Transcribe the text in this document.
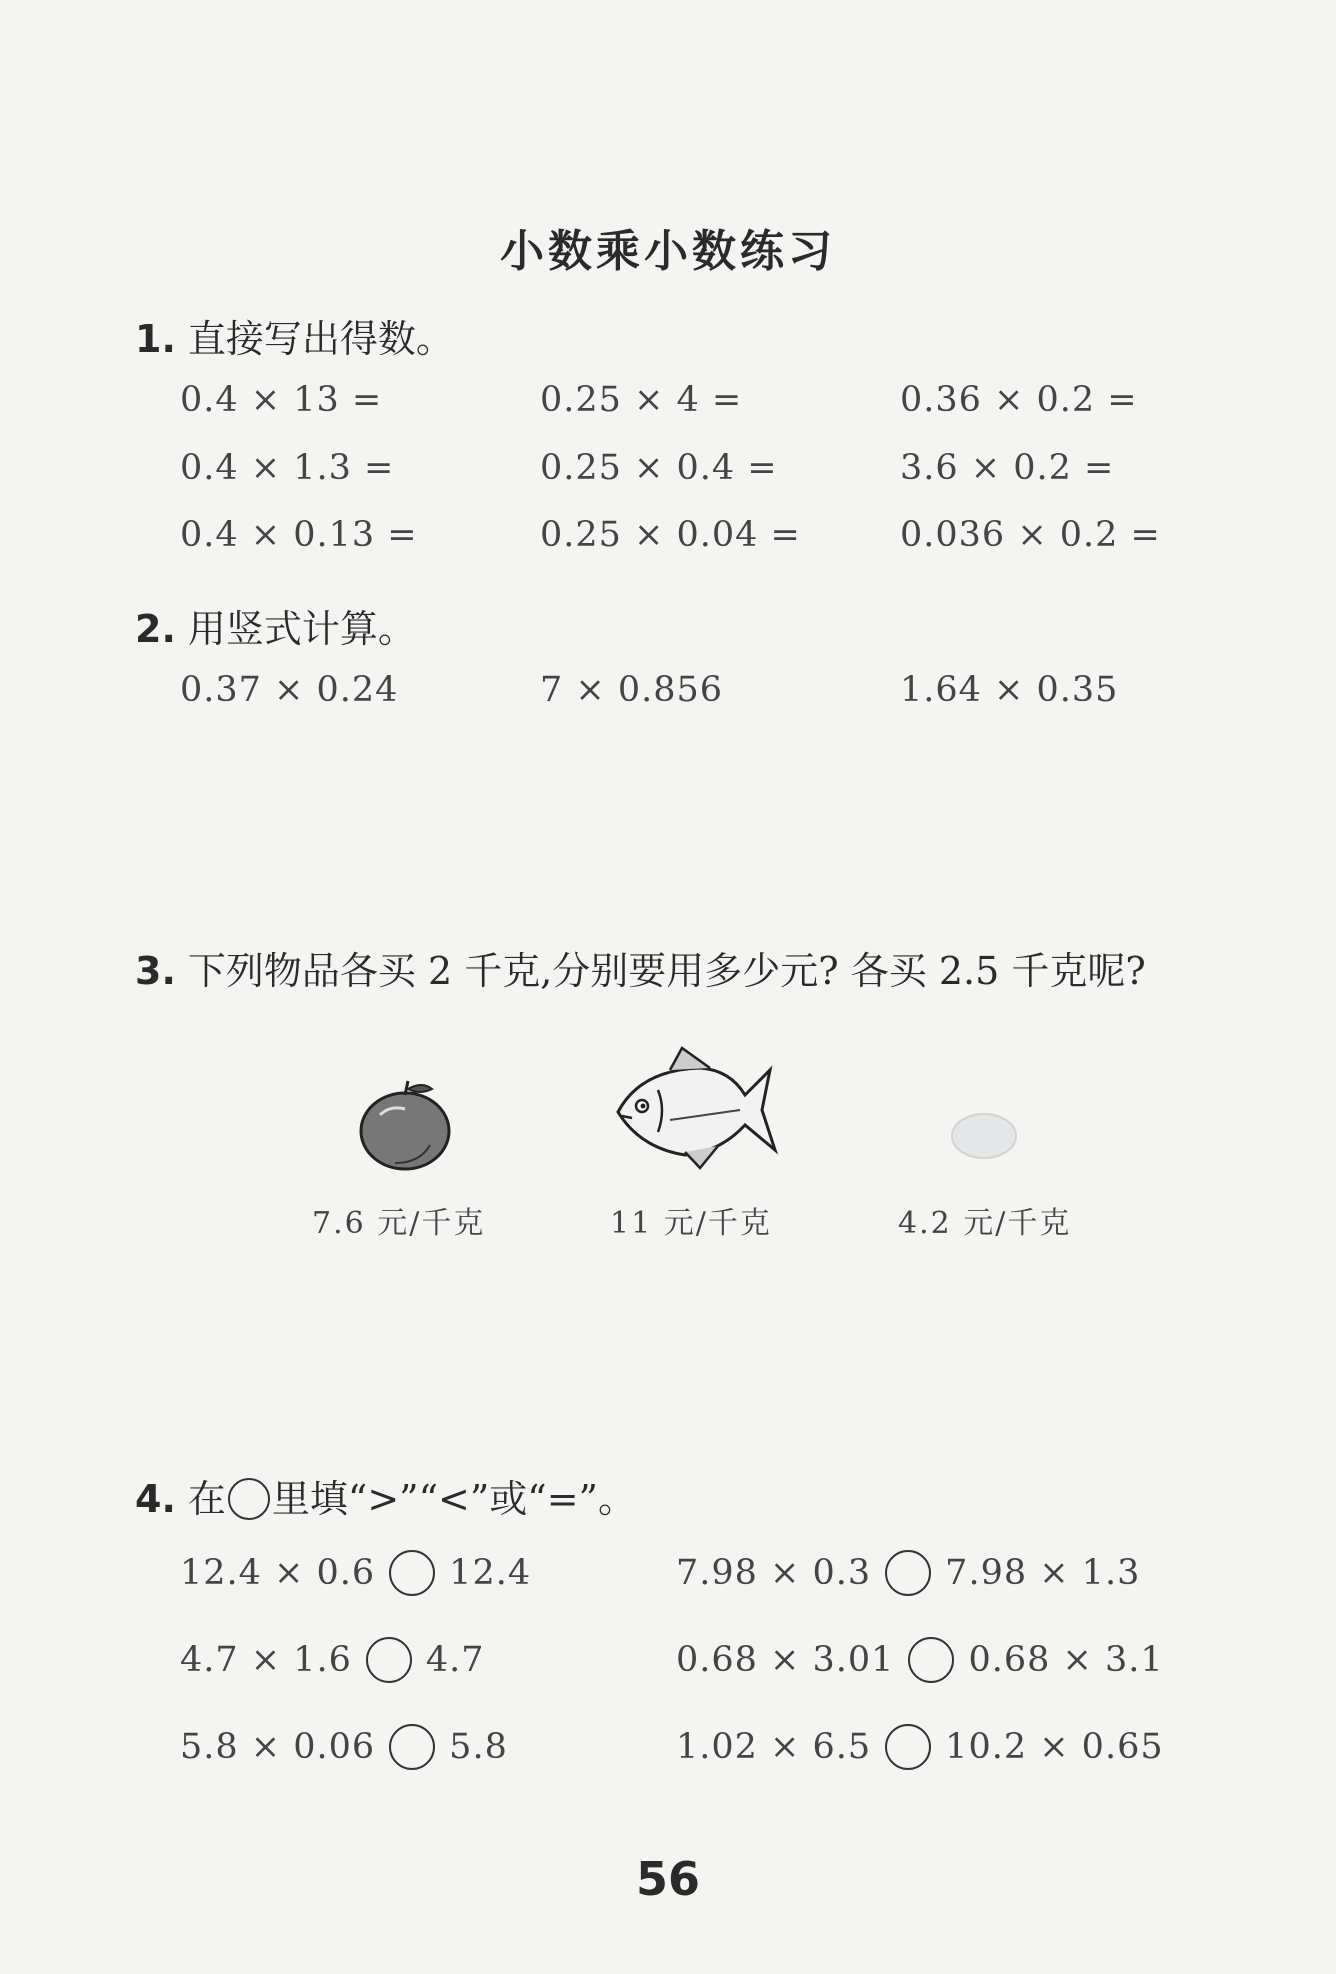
小数乘小数练习
1. 直接写出得数。
0.4 × 13 =	0.25 × 4 =	0.36 × 0.2 =
0.4 × 1.3 =	0.25 × 0.4 =	3.6 × 0.2 =
0.4 × 0.13 =	0.25 × 0.04 =	0.036 × 0.2 =
2. 用竖式计算。
0.37 × 0.24	7 × 0.856	1.64 × 0.35
3. 下列物品各买 2 千克,分别要用多少元? 各买 2.5 千克呢?
7.6 元/千克	11 元/千克	4.2 元/千克
4. 在 里填“>”“<”或“=”。
12.4 × 0.6 12.4	7.98 × 0.3 7.98 × 1.3
4.7 × 1.6 4.7	0.68 × 3.01 0.68 × 3.1
5.8 × 0.06 5.8	1.02 × 6.5 10.2 × 0.65
56
